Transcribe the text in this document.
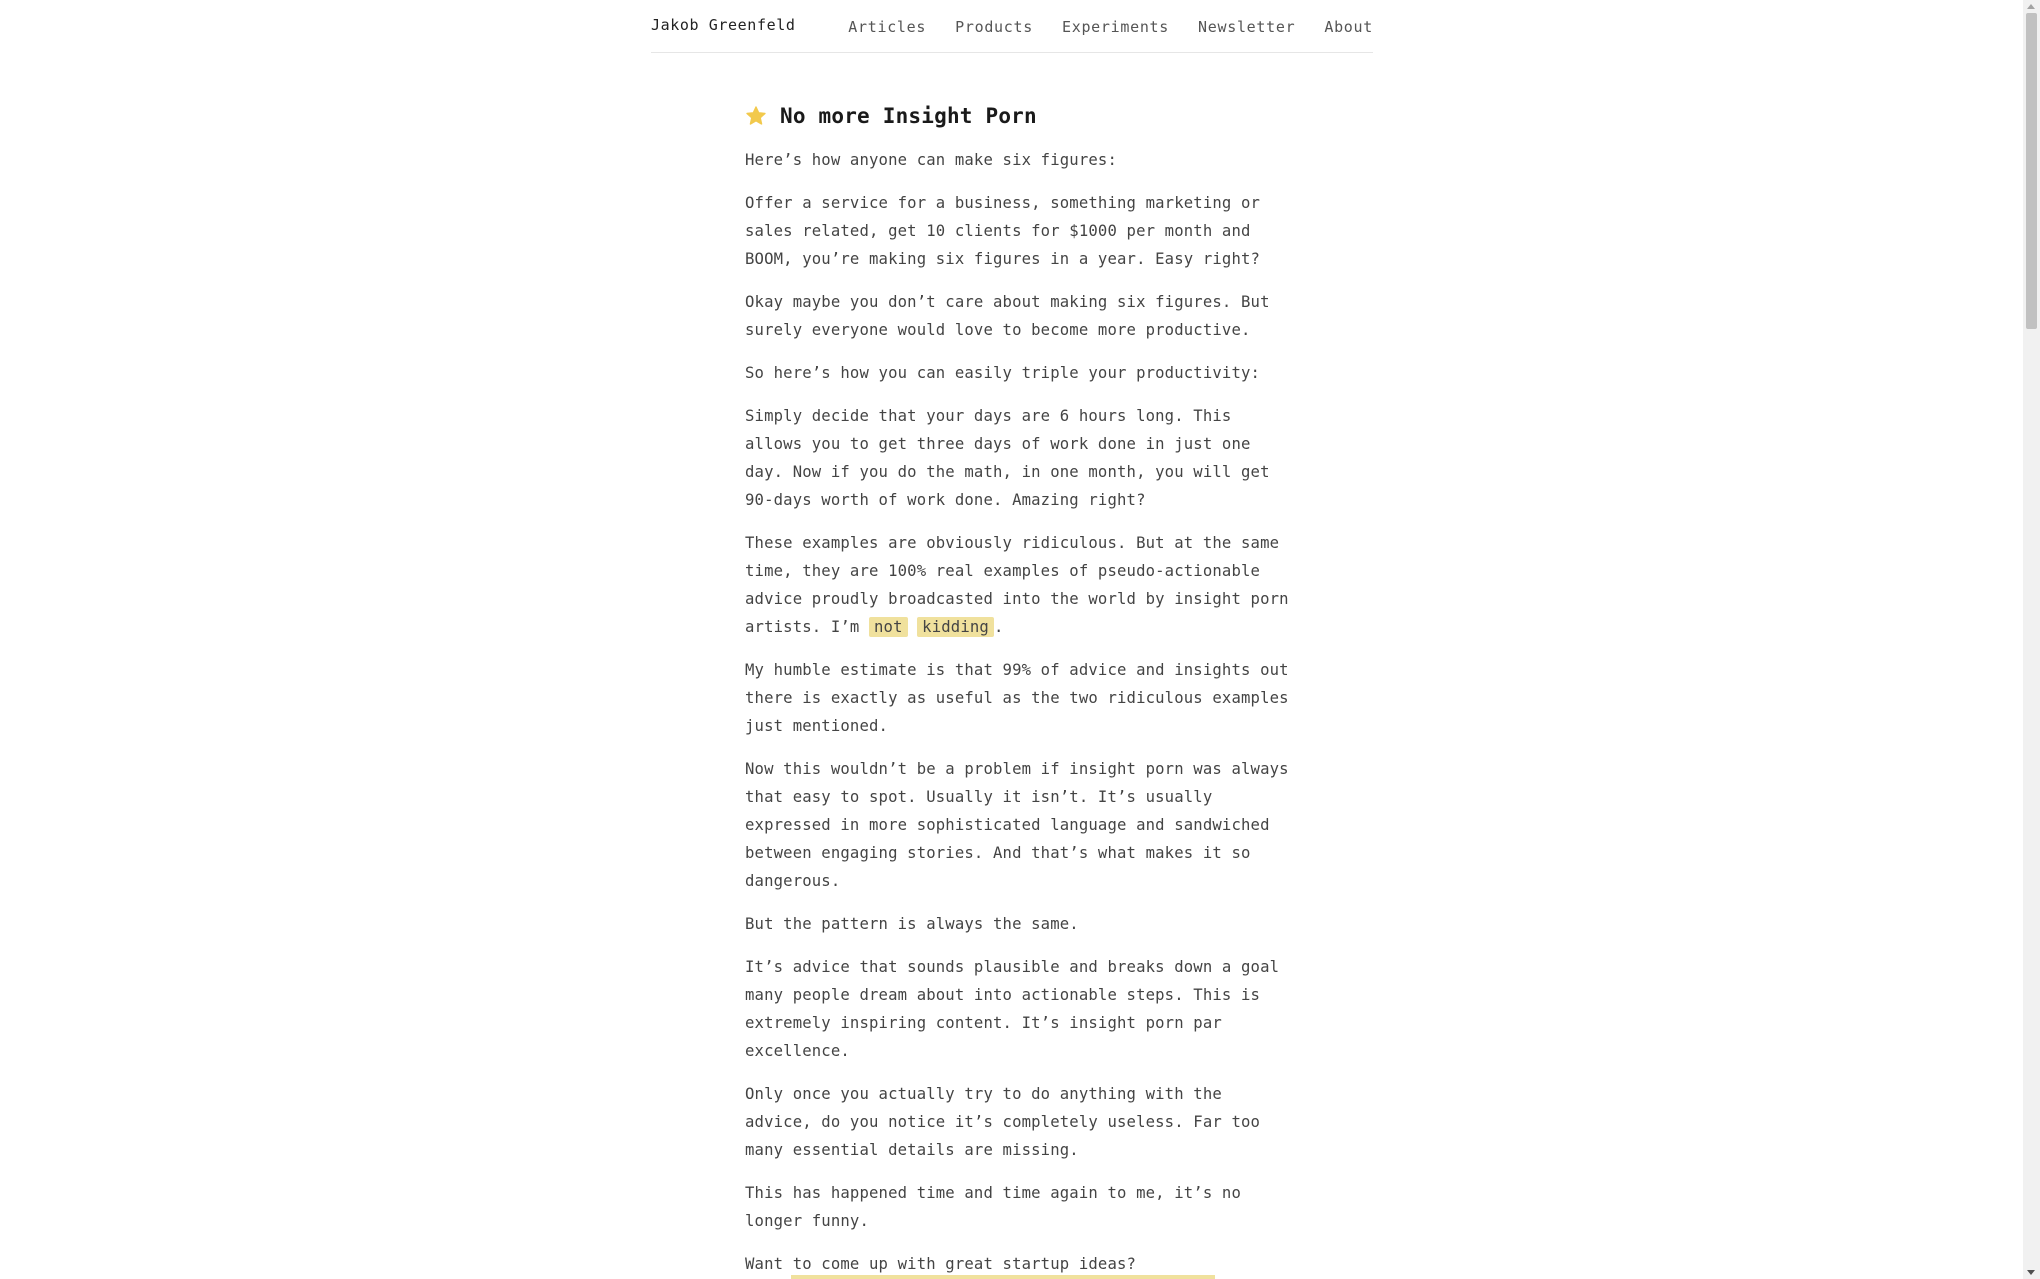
Jakob Greenfeld	Articles Products Experiments Newsletter About
No more Insight Porn

Here’s how anyone can make six figures:

Offer a service for a business, something marketing or sales related, get 10 clients for $1000 per month and BOOM, you’re making six figures in a year. Easy right?

Okay maybe you don’t care about making six figures. But surely everyone would love to become more productive.

So here’s how you can easily triple your productivity:

Simply decide that your days are 6 hours long. This allows you to get three days of work done in just one day. Now if you do the math, in one month, you will get 90-days worth of work done. Amazing right?

These examples are obviously ridiculous. But at the same time, they are 100% real examples of pseudo-actionable advice proudly broadcasted into the world by insight porn artists. I’m not kidding .

My humble estimate is that 99% of advice and insights out there is exactly as useful as the two ridiculous examples just mentioned.

Now this wouldn’t be a problem if insight porn was always that easy to spot. Usually it isn’t. It’s usually expressed in more sophisticated language and sandwiched between engaging stories. And that’s what makes it so dangerous.

But the pattern is always the same.

It’s advice that sounds plausible and breaks down a goal many people dream about into actionable steps. This is extremely inspiring content. It’s insight porn par excellence.

Only once you actually try to do anything with the advice, do you notice it’s completely useless. Far too many essential details are missing.

This has happened time and time again to me, it’s no longer funny.

Want to come up with great startup ideas?
